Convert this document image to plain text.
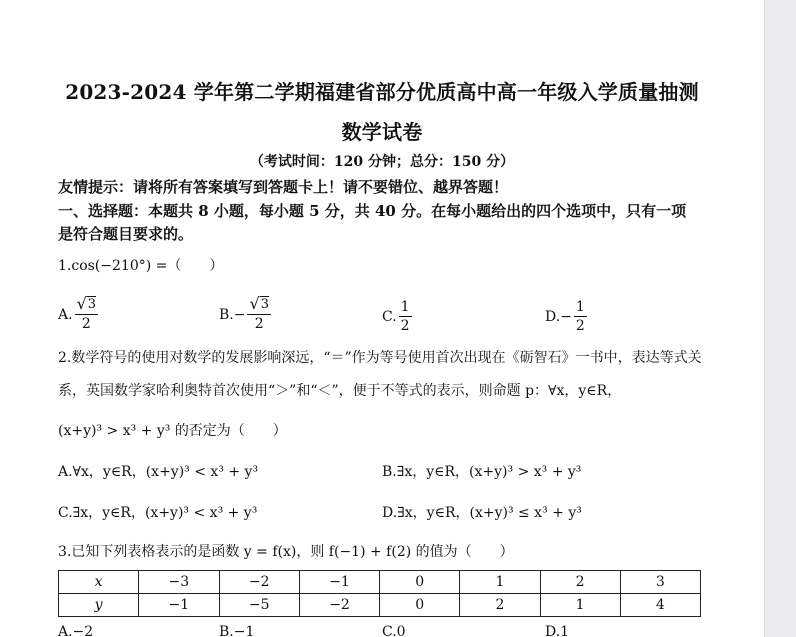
2023-2024 学年第二学期福建省部分优质高中高一年级入学质量抽测
数学试卷
（考试时间：120 分钟；总分：150 分）
友情提示：请将所有答案填写到答题卡上！请不要错位、越界答题！
一、选择题：本题共 8 小题，每小题 5 分，共 40 分。在每小题给出的四个选项中，只有一项
是符合题目要求的。
1.cos(−210°) =（　　）
A. $\frac{√ 3}{2}$	B. − $\frac{√ 3}{2}$	C. $\frac{1}{2}$	D. − $\frac{1}{2}$
2.数学符号的使用对数学的发展影响深远，“＝”作为等号使用首次出现在《砺智石》一书中，表达等式关
系，英国数学家哈利奥特首次使用“＞”和“＜”，便于不等式的表示，则命题 p：∀x，y∈R，
(x+y)³ > x³ + y³ 的否定为（　　）
A.∀x，y∈R，(x+y)³ < x³ + y³	B.∃x，y∈R，(x+y)³ > x³ + y³
C.∃x，y∈R，(x+y)³ < x³ + y³	D.∃x，y∈R，(x+y)³ ≤ x³ + y³
3.已知下列表格表示的是函数 y = f(x)，则 f(−1) + f(2) 的值为（　　）
x	−3	−2	−1	0	1	2	3
y	−1	−5	−2	0	2	1	4
A.−2	B.−1	C.0	D.1
